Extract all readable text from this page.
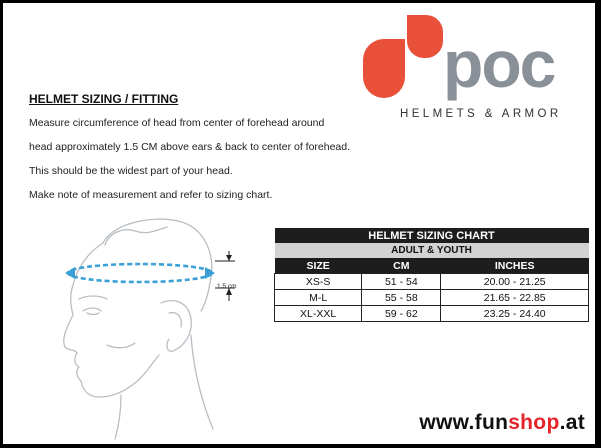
poc
HELMETS & ARMOR
HELMET SIZING / FITTING
Measure circumference of head from center of forehead around
head approximately 1.5 CM above ears & back to center of forehead.
This should be the widest part of your head.
Make note of measurement and refer to sizing chart.
1.5 cm
HELMET SIZING CHART		
ADULT & YOUTH		
SIZE	CM	INCHES
XS-S	51 - 54	20.00 - 21.25
M-L	55 - 58	21.65 - 22.85
XL-XXL	59 - 62	23.25 - 24.40
www.funshop.at
